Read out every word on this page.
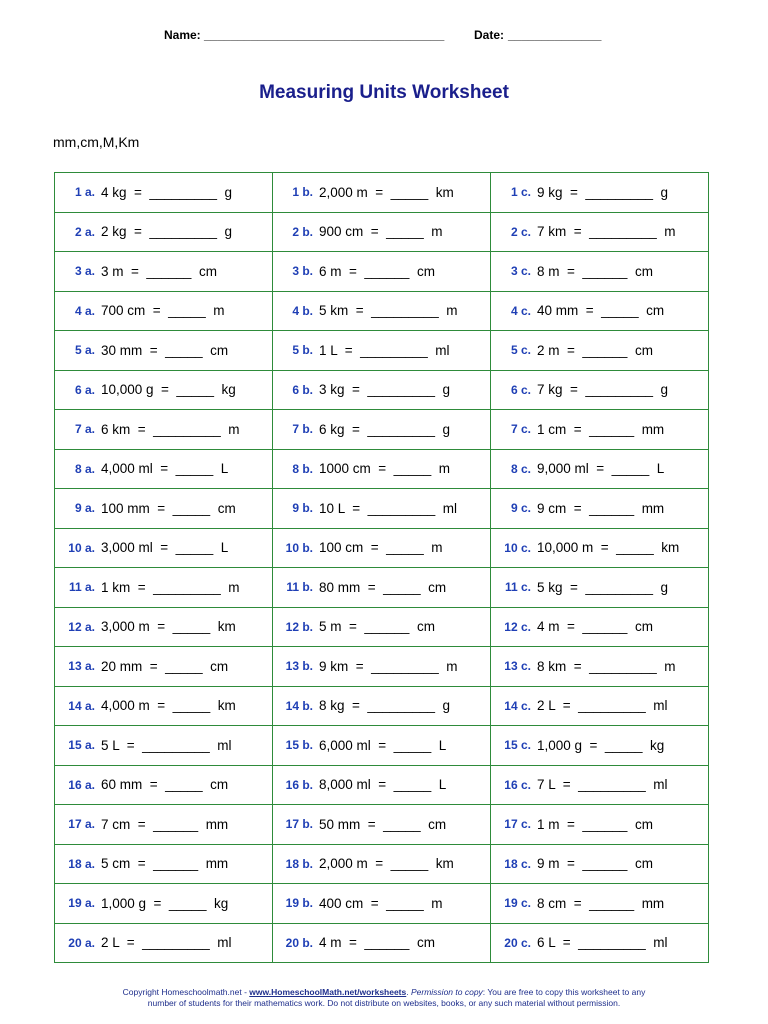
Name: ____________________________________ Date: ______________
Measuring Units Worksheet
mm,cm,M,Km
1 a. 4 kg  =  _________  g	1 b. 2,000 m  =  _____  km	1 c. 9 kg  =  _________  g

2 a. 2 kg  =  _________  g	2 b. 900 cm  =  _____  m	2 c. 7 km  =  _________  m

3 a. 3 m  =  ______  cm	3 b. 6 m  =  ______  cm	3 c. 8 m  =  ______  cm

4 a. 700 cm  =  _____  m	4 b. 5 km  =  _________  m	4 c. 40 mm  =  _____  cm

5 a. 30 mm  =  _____  cm	5 b. 1 L  =  _________  ml	5 c. 2 m  =  ______  cm

6 a. 10,000 g  =  _____  kg	6 b. 3 kg  =  _________  g	6 c. 7 kg  =  _________  g

7 a. 6 km  =  _________  m	7 b. 6 kg  =  _________  g	7 c. 1 cm  =  ______  mm

8 a. 4,000 ml  =  _____  L	8 b. 1000 cm  =  _____  m	8 c. 9,000 ml  =  _____  L

9 a. 100 mm  =  _____  cm	9 b. 10 L  =  _________  ml	9 c. 9 cm  =  ______  mm

10 a. 3,000 ml  =  _____  L	10 b. 100 cm  =  _____  m	10 c. 10,000 m  =  _____  km

11 a. 1 km  =  _________  m	11 b. 80 mm  =  _____  cm	11 c. 5 kg  =  _________  g

12 a. 3,000 m  =  _____  km	12 b. 5 m  =  ______  cm	12 c. 4 m  =  ______  cm

13 a. 20 mm  =  _____  cm	13 b. 9 km  =  _________  m	13 c. 8 km  =  _________  m

14 a. 4,000 m  =  _____  km	14 b. 8 kg  =  _________  g	14 c. 2 L  =  _________  ml

15 a. 5 L  =  _________  ml	15 b. 6,000 ml  =  _____  L	15 c. 1,000 g  =  _____  kg

16 a. 60 mm  =  _____  cm	16 b. 8,000 ml  =  _____  L	16 c. 7 L  =  _________  ml

17 a. 7 cm  =  ______  mm	17 b. 50 mm  =  _____  cm	17 c. 1 m  =  ______  cm

18 a. 5 cm  =  ______  mm	18 b. 2,000 m  =  _____  km	18 c. 9 m  =  ______  cm

19 a. 1,000 g  =  _____  kg	19 b. 400 cm  =  _____  m	19 c. 8 cm  =  ______  mm

20 a. 2 L  =  _________  ml	20 b. 4 m  =  ______  cm	20 c. 6 L  =  _________  ml
Copyright Homeschoolmath.net - www.HomeschoolMath.net/worksheets. Permission to copy: You are free to copy this worksheet to any
number of students for their mathematics work. Do not distribute on websites, books, or any such material without permission.
